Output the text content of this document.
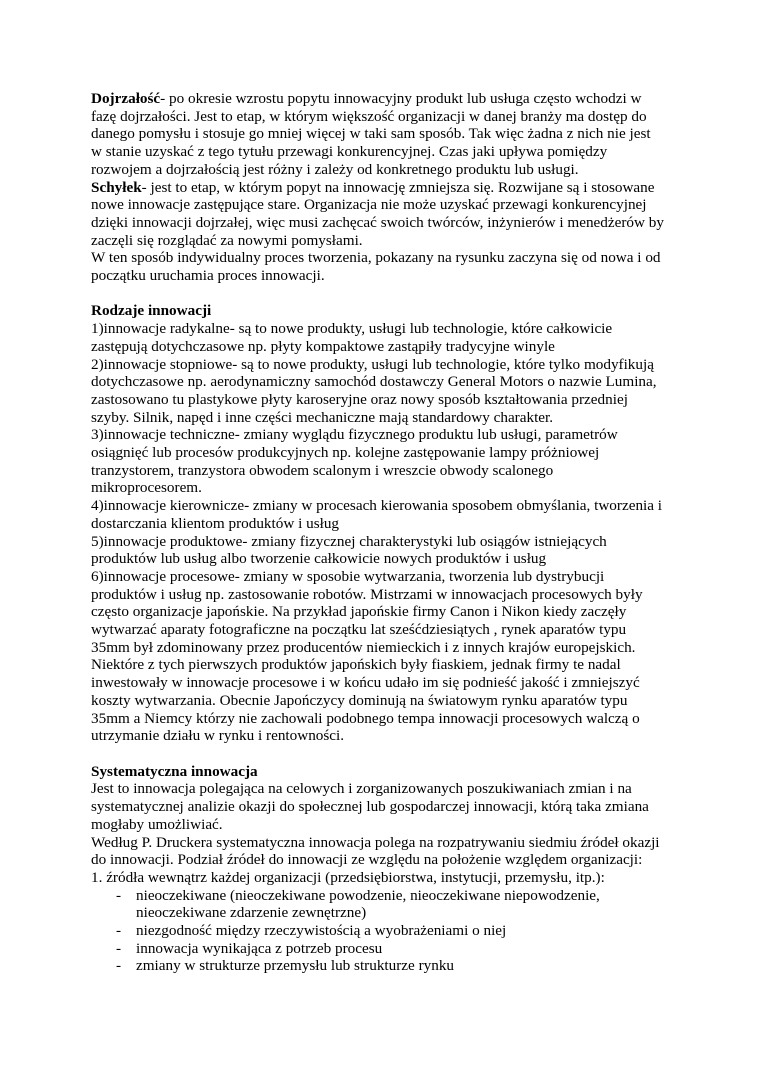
Dojrzałość- po okresie wzrostu popytu innowacyjny produkt lub usługa często wchodzi w
fazę dojrzałości. Jest to etap, w którym większość organizacji w danej branży ma dostęp do
danego pomysłu i stosuje go mniej więcej w taki sam sposób. Tak więc żadna z nich nie jest
w stanie uzyskać z tego tytułu przewagi konkurencyjnej. Czas jaki upływa pomiędzy
rozwojem a dojrzałością jest różny i zależy od konkretnego produktu lub usługi.
Schyłek- jest to etap, w którym popyt na innowację zmniejsza się. Rozwijane są i stosowane
nowe innowacje zastępujące stare. Organizacja nie może uzyskać przewagi konkurencyjnej
dzięki innowacji dojrzałej, więc musi zachęcać swoich twórców, inżynierów i menedżerów by
zaczęli się rozglądać za nowymi pomysłami.
W ten sposób indywidualny proces tworzenia, pokazany na rysunku zaczyna się od nowa i od
początku uruchamia proces innowacji.
Rodzaje innowacji
1)innowacje radykalne- są to nowe produkty, usługi lub technologie, które całkowicie
zastępują dotychczasowe np. płyty kompaktowe zastąpiły tradycyjne winyle
2)innowacje stopniowe- są to nowe produkty, usługi lub technologie, które tylko modyfikują
dotychczasowe np. aerodynamiczny samochód dostawczy General Motors o nazwie Lumina,
zastosowano tu plastykowe płyty karoseryjne oraz nowy sposób kształtowania przedniej
szyby. Silnik, napęd i inne części mechaniczne mają standardowy charakter.
3)innowacje techniczne- zmiany wyglądu fizycznego produktu lub usługi, parametrów
osiągnięć lub procesów produkcyjnych np. kolejne zastępowanie lampy próżniowej
tranzystorem, tranzystora obwodem scalonym i wreszcie obwody scalonego
mikroprocesorem.
4)innowacje kierownicze- zmiany w procesach kierowania sposobem obmyślania, tworzenia i
dostarczania klientom produktów i usług
5)innowacje produktowe- zmiany fizycznej charakterystyki lub osiągów istniejących
produktów lub usług albo tworzenie całkowicie nowych produktów i usług
6)innowacje procesowe- zmiany w sposobie wytwarzania, tworzenia lub dystrybucji
produktów i usług np. zastosowanie robotów. Mistrzami w innowacjach procesowych były
często organizacje japońskie. Na przykład japońskie firmy Canon i Nikon kiedy zaczęły
wytwarzać aparaty fotograficzne na początku lat sześćdziesiątych , rynek aparatów typu
35mm był zdominowany przez producentów niemieckich i z innych krajów europejskich.
Niektóre z tych pierwszych produktów japońskich były fiaskiem, jednak firmy te nadal
inwestowały w innowacje procesowe i w końcu udało im się podnieść jakość i zmniejszyć
koszty wytwarzania. Obecnie Japończycy dominują na światowym rynku aparatów typu
35mm a Niemcy którzy nie zachowali podobnego tempa innowacji procesowych walczą o
utrzymanie działu w rynku i rentowności.
Systematyczna innowacja
Jest to innowacja polegająca na celowych i zorganizowanych poszukiwaniach zmian i na
systematycznej analizie okazji do społecznej lub gospodarczej innowacji, którą taka zmiana
mogłaby umożliwiać.
Według P. Druckera systematyczna innowacja polega na rozpatrywaniu siedmiu źródeł okazji
do innowacji. Podział źródeł do innowacji ze względu na położenie względem organizacji:
1. źródła wewnątrz każdej organizacji (przedsiębiorstwa, instytucji, przemysłu, itp.):
- nieoczekiwane (nieoczekiwane powodzenie, nieoczekiwane niepowodzenie,
nieoczekiwane zdarzenie zewnętrzne)
- niezgodność między rzeczywistością a wyobrażeniami o niej
- innowacja wynikająca z potrzeb procesu
- zmiany w strukturze przemysłu lub strukturze rynku
